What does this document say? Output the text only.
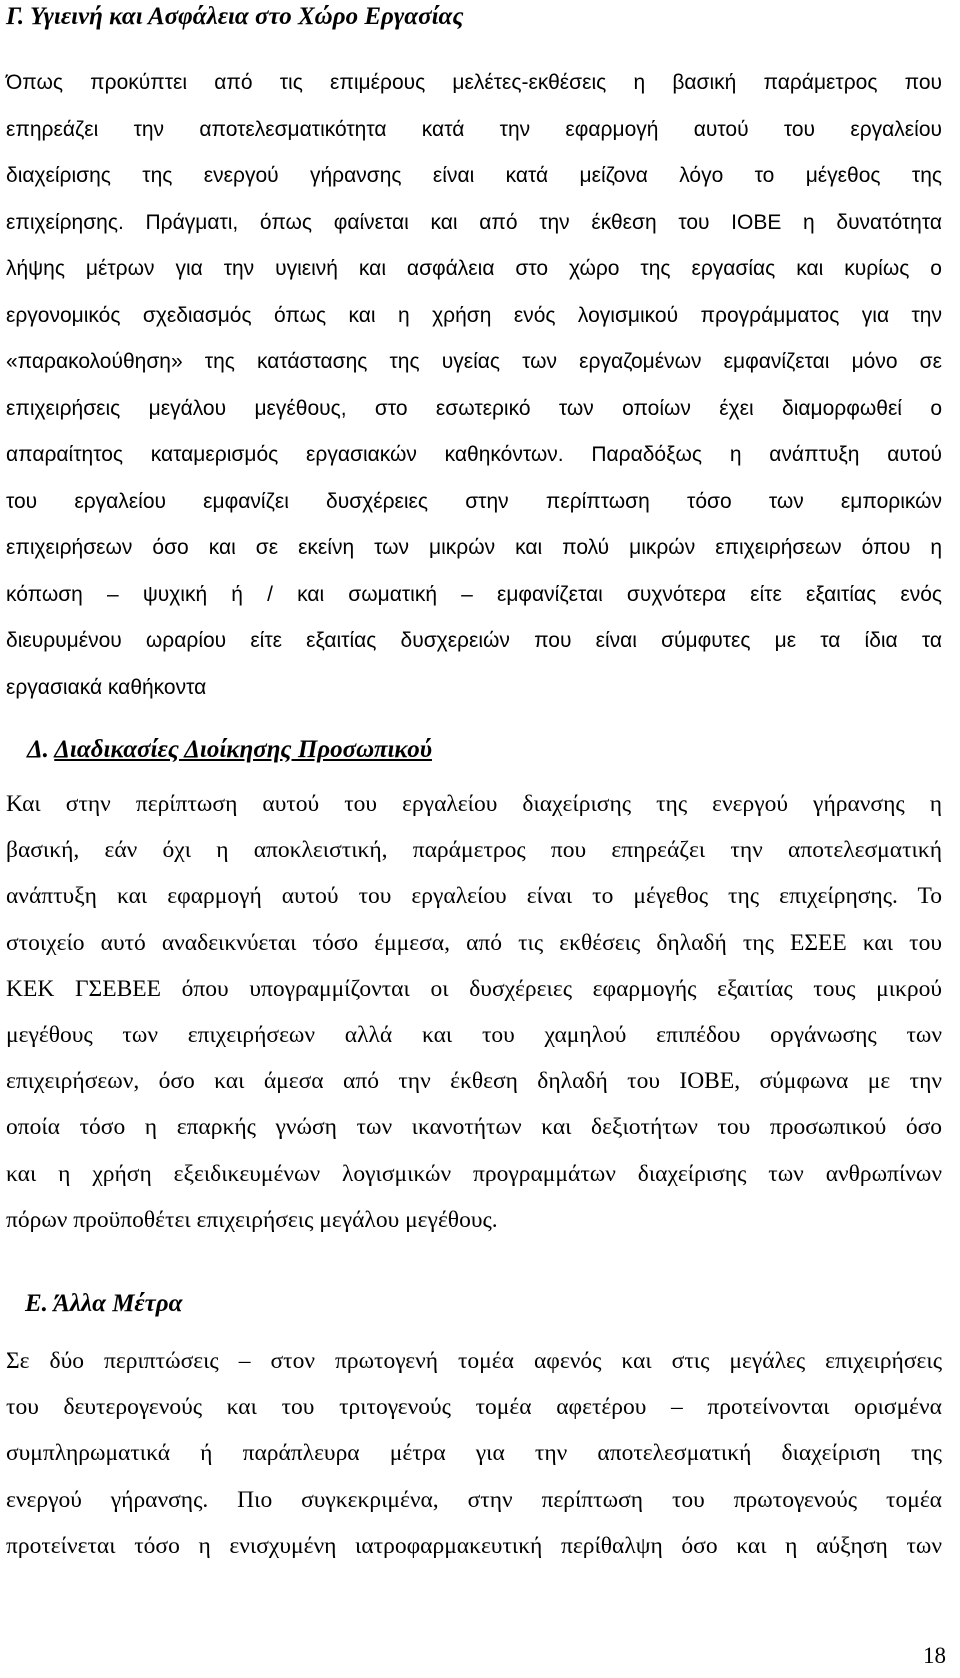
Γ. Υγιεινή και Ασφάλεια στο Χώρο Εργασίας
Όπως προκύπτει από τις επιμέρους μελέτες-εκθέσεις η βασική παράμετρος που
επηρεάζει την αποτελεσματικότητα κατά την εφαρμογή αυτού του εργαλείου
διαχείρισης της ενεργού γήρανσης είναι κατά μείζονα λόγο το μέγεθος της
επιχείρησης. Πράγματι, όπως φαίνεται και από την έκθεση του ΙΟΒΕ η δυνατότητα
λήψης μέτρων για την υγιεινή και ασφάλεια στο χώρο της εργασίας και κυρίως ο
εργονομικός σχεδιασμός όπως και η χρήση ενός λογισμικού προγράμματος για την
«παρακολούθηση» της κατάστασης της υγείας των εργαζομένων εμφανίζεται μόνο σε
επιχειρήσεις μεγάλου μεγέθους, στο εσωτερικό των οποίων έχει διαμορφωθεί ο
απαραίτητος καταμερισμός εργασιακών καθηκόντων. Παραδόξως η ανάπτυξη αυτού
του εργαλείου εμφανίζει δυσχέρειες στην περίπτωση τόσο των εμπορικών
επιχειρήσεων όσο και σε εκείνη των μικρών και πολύ μικρών επιχειρήσεων όπου η
κόπωση – ψυχική ή / και σωματική – εμφανίζεται συχνότερα είτε εξαιτίας ενός
διευρυμένου ωραρίου είτε εξαιτίας δυσχερειών που είναι σύμφυτες με τα ίδια τα
εργασιακά καθήκοντα
Δ. Διαδικασίες Διοίκησης Προσωπικού
Και στην περίπτωση αυτού του εργαλείου διαχείρισης της ενεργού γήρανσης η
βασική, εάν όχι η αποκλειστική, παράμετρος που επηρεάζει την αποτελεσματική
ανάπτυξη και εφαρμογή αυτού του εργαλείου είναι το μέγεθος της επιχείρησης. Το
στοιχείο αυτό αναδεικνύεται τόσο έμμεσα, από τις εκθέσεις δηλαδή της ΕΣΕΕ και του
ΚΕΚ ΓΣΕΒΕΕ όπου υπογραμμίζονται οι δυσχέρειες εφαρμογής εξαιτίας τους μικρού
μεγέθους των επιχειρήσεων αλλά και του χαμηλού επιπέδου οργάνωσης των
επιχειρήσεων, όσο και άμεσα από την έκθεση δηλαδή του ΙΟΒΕ, σύμφωνα με την
οποία τόσο η επαρκής γνώση των ικανοτήτων και δεξιοτήτων του προσωπικού όσο
και η χρήση εξειδικευμένων λογισμικών προγραμμάτων διαχείρισης των ανθρωπίνων
πόρων προϋποθέτει επιχειρήσεις μεγάλου μεγέθους.
Ε. Άλλα Μέτρα
Σε δύο περιπτώσεις – στον πρωτογενή τομέα αφενός και στις μεγάλες επιχειρήσεις
του δευτερογενούς και του τριτογενούς τομέα αφετέρου – προτείνονται ορισμένα
συμπληρωματικά ή παράπλευρα μέτρα για την αποτελεσματική διαχείριση της
ενεργού γήρανσης. Πιο συγκεκριμένα, στην περίπτωση του πρωτογενούς τομέα
προτείνεται τόσο η ενισχυμένη ιατροφαρμακευτική περίθαλψη όσο και η αύξηση των
18
